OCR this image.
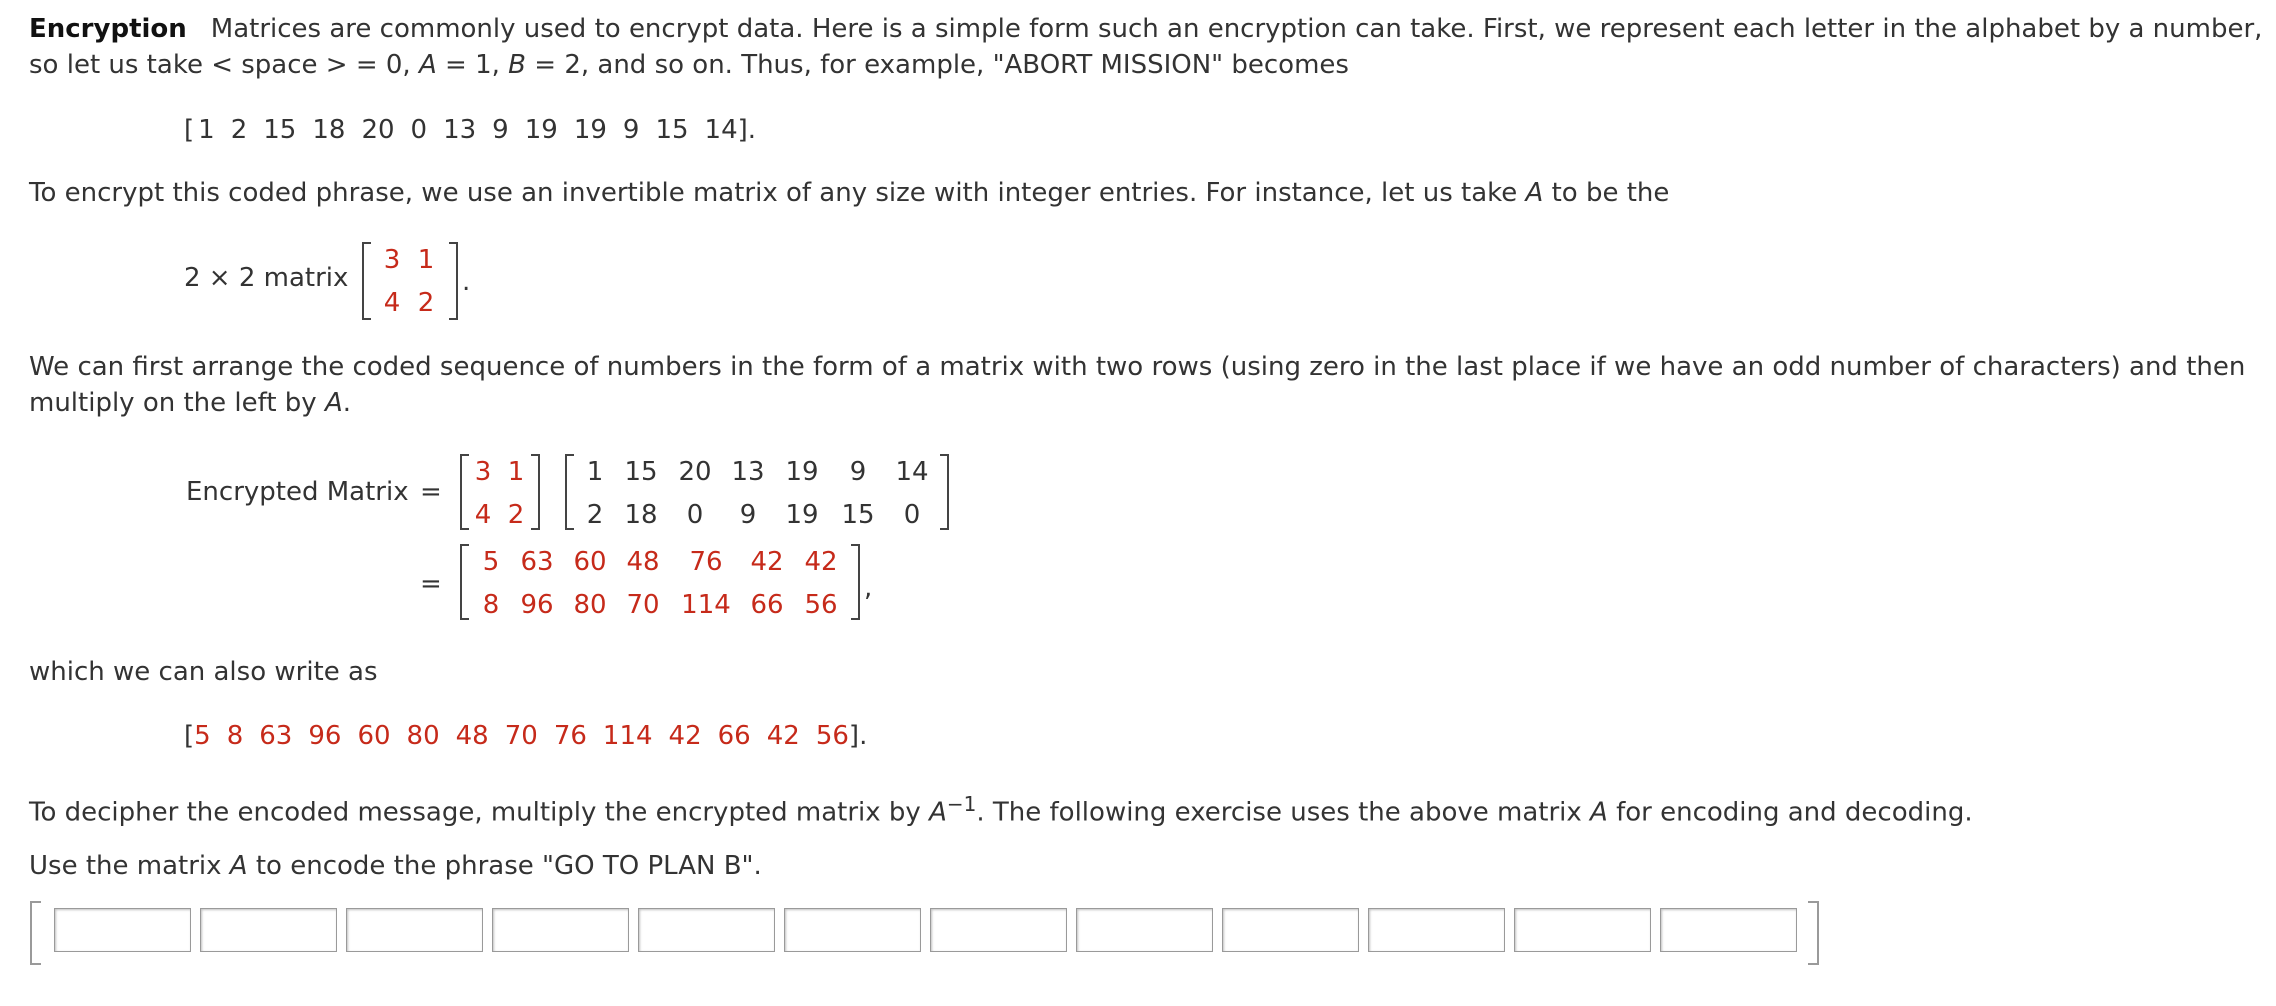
Encryption Matrices are commonly used to encrypt data. Here is a simple form such an encryption can take. First, we represent each letter in the alphabet by a number,
so let us take < space > = 0, A = 1, B = 2, and so on. Thus, for example, "ABORT MISSION" becomes
[ 1 2 15 18 20 0 13 9 19 19 9 15 14 ].
To encrypt this coded phrase, we use an invertible matrix of any size with integer entries. For instance, let us take A to be the
2 × 2 matrix
3 1
4 2
.
We can first arrange the coded sequence of numbers in the form of a matrix with two rows (using zero in the last place if we have an odd number of characters) and then
multiply on the left by A.
Encrypted Matrix =
3 1
4 2
1 15 20 13 19 9 14
2 18 0 9 19 15 0
=
5 63 60 48 76 42 42
8 96 80 70 114 66 56
,
which we can also write as
[ 5 8 63 96 60 80 48 70 76 114 42 66 42 56 ].
To decipher the encoded message, multiply the encrypted matrix by $A^{-1}$. The following exercise uses the above matrix A for encoding and decoding.
Use the matrix A to encode the phrase "GO TO PLAN B".
